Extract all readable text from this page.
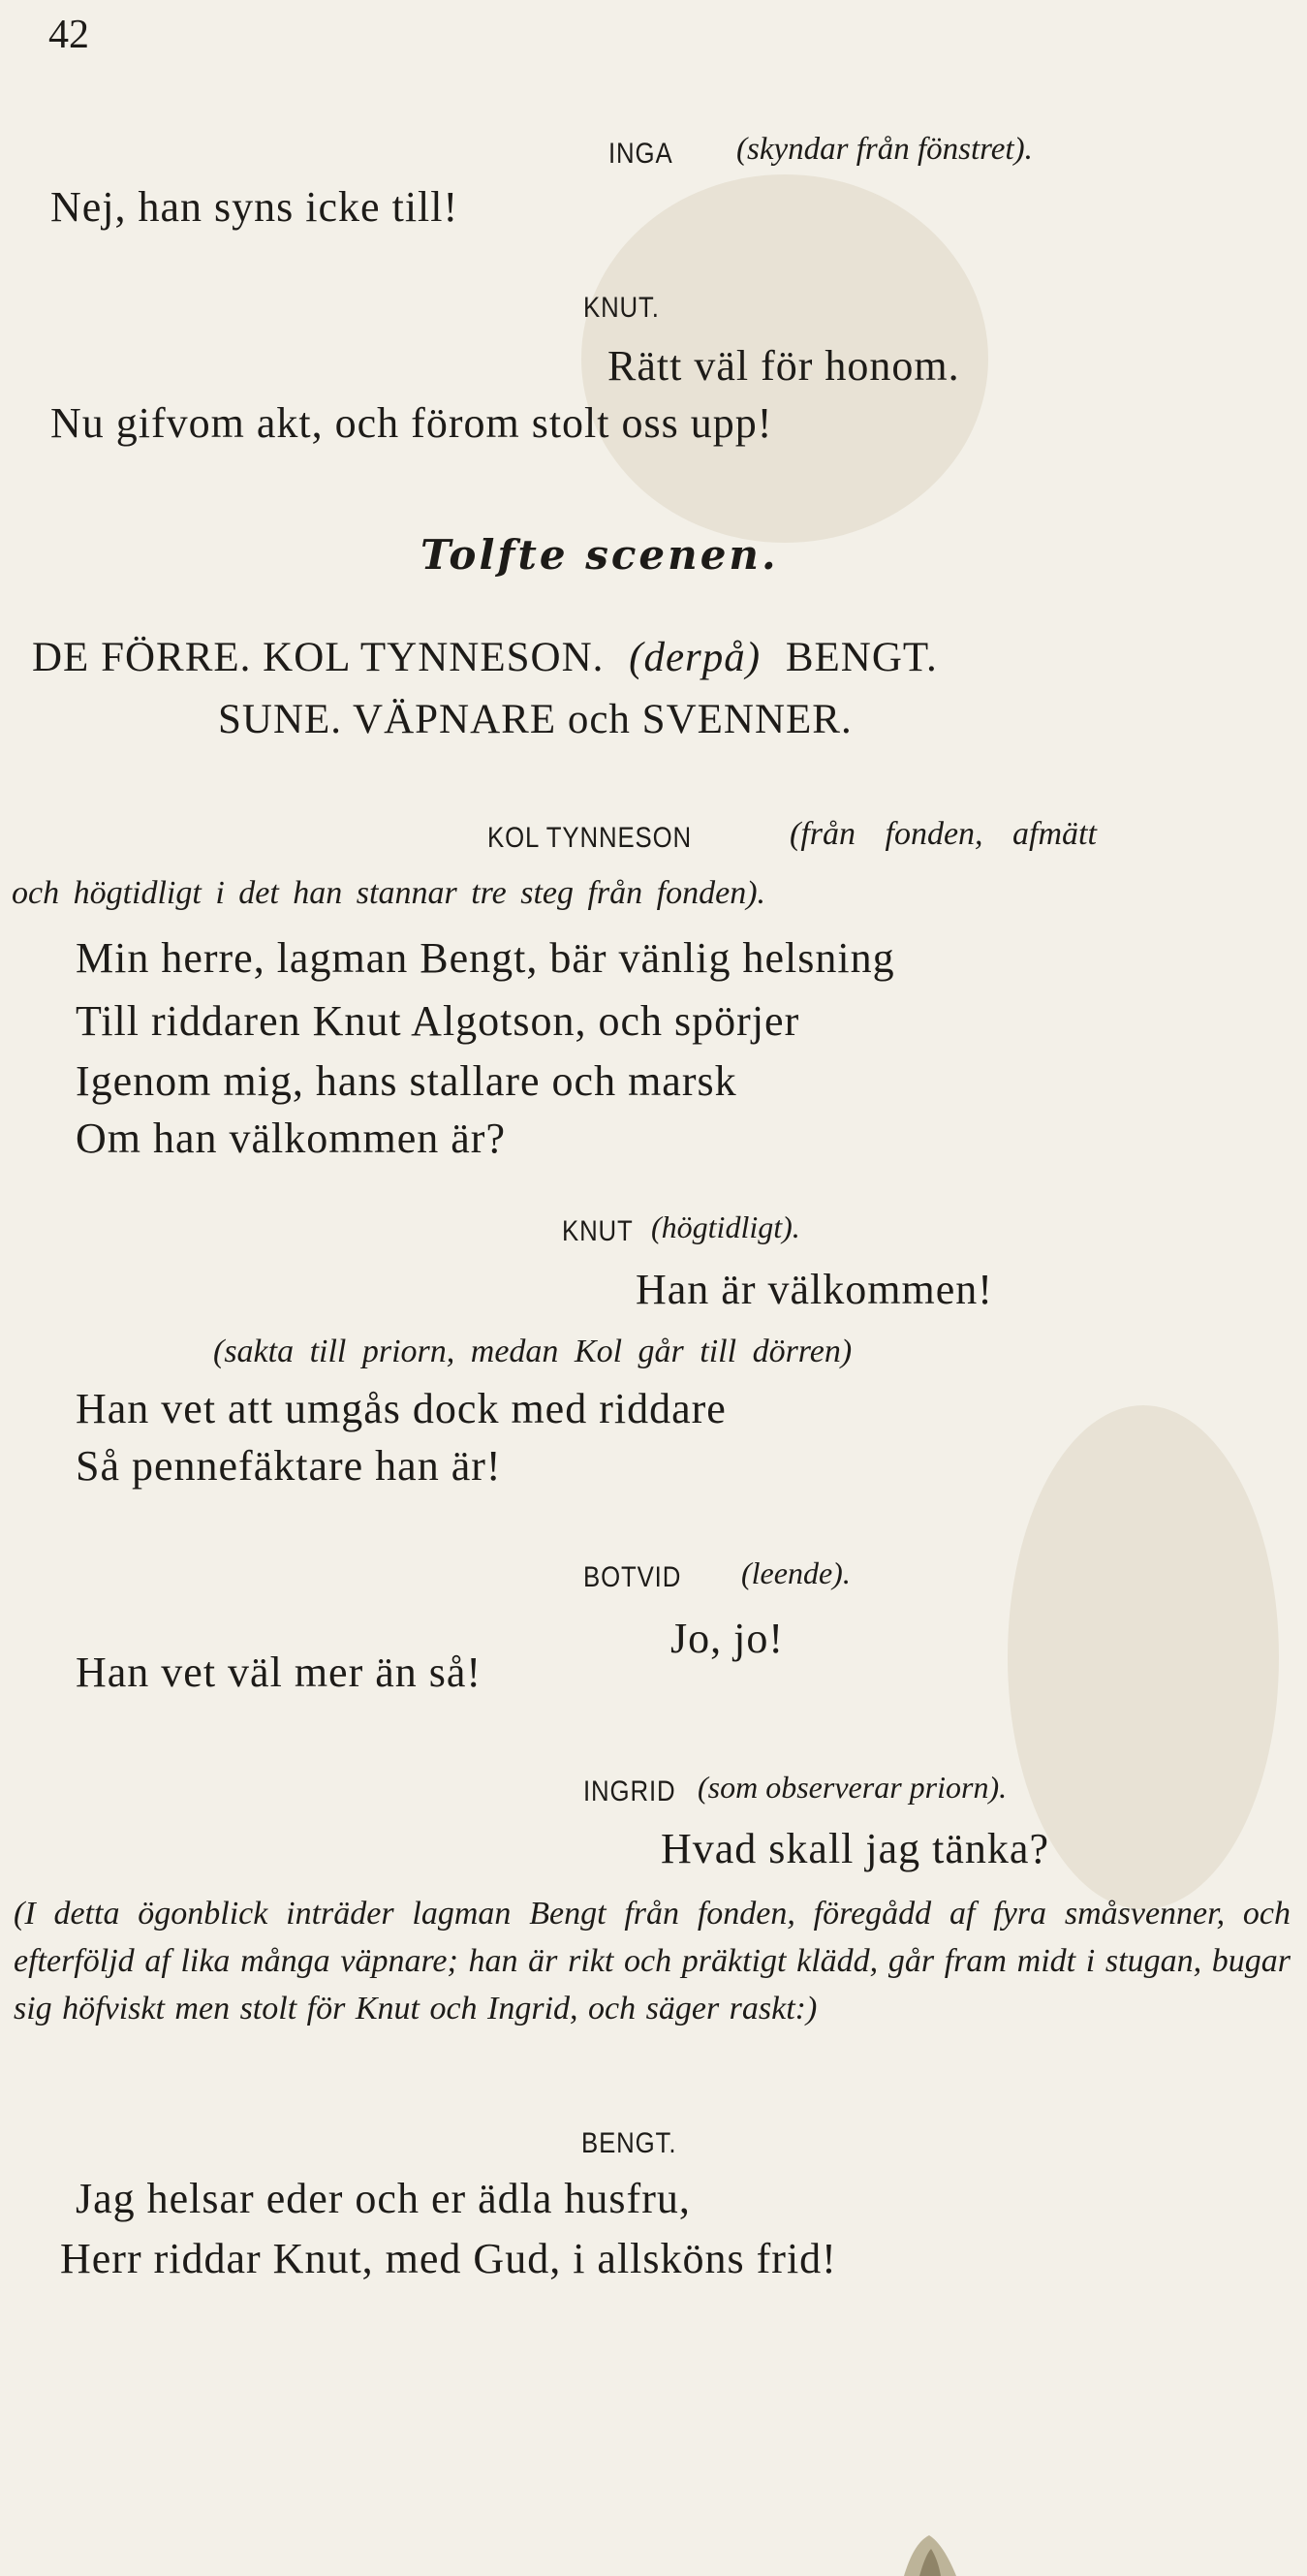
42
INGA (skyndar från fönstret).
Nej, han syns icke till!
KNUT.
Rätt väl för honom.
Nu gifvom akt, och förom stolt oss upp!
Tolfte scenen.
DE FÖRRE. KOL TYNNESON. (derpå) BENGT.
SUNE. VÄPNARE och SVENNER.
KOL TYNNESON	(från fonden, afmätt
och högtidligt i det han stannar tre steg från fonden).
Min herre, lagman Bengt, bär vänlig helsning
Till riddaren Knut Algotson, och spörjer
Igenom mig, hans stallare och marsk
Om han välkommen är?
KNUT (högtidligt).
Han är välkommen!
(sakta till priorn, medan Kol går till dörren)
Han vet att umgås dock med riddare
Så pennefäktare han är!
BOTVID (leende).
Jo, jo!
Han vet väl mer än så!
INGRID (som observerar priorn).
Hvad skall jag tänka?
(I detta ögonblick inträder lagman Bengt från fonden, föregådd af fyra småsvenner, och efterföljd af lika många väpnare; han är rikt och präktigt klädd, går fram midt i stugan, bugar sig höfviskt men stolt för Knut och Ingrid, och säger raskt:)
BENGT.
Jag helsar eder och er ädla husfru,
Herr riddar Knut, med Gud, i allsköns frid!
